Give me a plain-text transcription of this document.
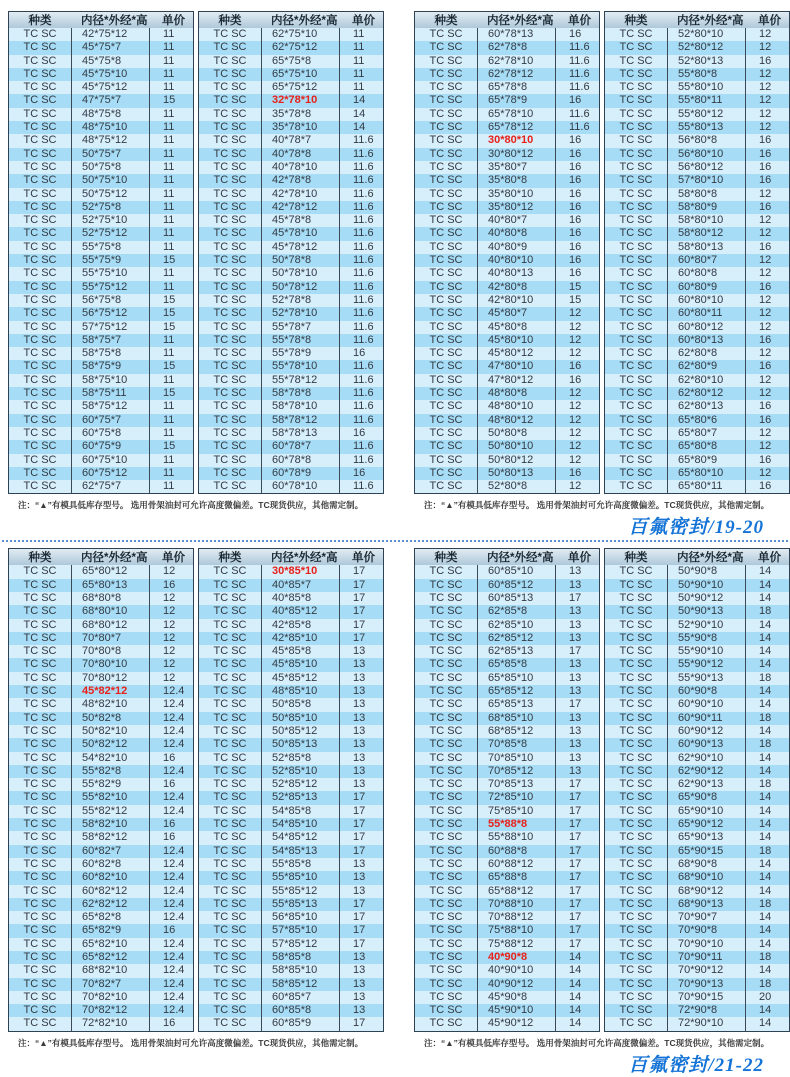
种类	内径*外经*高	单价
TC SC	42*75*12	11
TC SC	45*75*7	11
TC SC	45*75*8	11
TC SC	45*75*10	11
TC SC	45*75*12	11
TC SC	47*75*7	15
TC SC	48*75*8	11
TC SC	48*75*10	11
TC SC	48*75*12	11
TC SC	50*75*7	11
TC SC	50*75*8	11
TC SC	50*75*10	11
TC SC	50*75*12	11
TC SC	52*75*8	11
TC SC	52*75*10	11
TC SC	52*75*12	11
TC SC	55*75*8	11
TC SC	55*75*9	15
TC SC	55*75*10	11
TC SC	55*75*12	11
TC SC	56*75*8	15
TC SC	56*75*12	15
TC SC	57*75*12	15
TC SC	58*75*7	11
TC SC	58*75*8	11
TC SC	58*75*9	15
TC SC	58*75*10	11
TC SC	58*75*11	15
TC SC	58*75*12	11
TC SC	60*75*7	11
TC SC	60*75*8	11
TC SC	60*75*9	15
TC SC	60*75*10	11
TC SC	60*75*12	11
TC SC	62*75*7	11
种类	内径*外经*高	单价
TC SC	62*75*10	11
TC SC	62*75*12	11
TC SC	65*75*8	11
TC SC	65*75*10	11
TC SC	65*75*12	11
TC SC	32*78*10	14
TC SC	35*78*8	14
TC SC	35*78*10	14
TC SC	40*78*7	11.6
TC SC	40*78*8	11.6
TC SC	40*78*10	11.6
TC SC	42*78*8	11.6
TC SC	42*78*10	11.6
TC SC	42*78*12	11.6
TC SC	45*78*8	11.6
TC SC	45*78*10	11.6
TC SC	45*78*12	11.6
TC SC	50*78*8	11.6
TC SC	50*78*10	11.6
TC SC	50*78*12	11.6
TC SC	52*78*8	11.6
TC SC	52*78*10	11.6
TC SC	55*78*7	11.6
TC SC	55*78*8	11.6
TC SC	55*78*9	16
TC SC	55*78*10	11.6
TC SC	55*78*12	11.6
TC SC	58*78*8	11.6
TC SC	58*78*10	11.6
TC SC	58*78*12	11.6
TC SC	58*78*13	16
TC SC	60*78*7	11.6
TC SC	60*78*8	11.6
TC SC	60*78*9	16
TC SC	60*78*10	11.6
注：“▲”有模具低库存型号。 选用骨架油封可允许高度微偏差。TC现货供应，其他需定制。
种类	内径*外经*高	单价
TC SC	60*78*13	16
TC SC	62*78*8	11.6
TC SC	62*78*10	11.6
TC SC	62*78*12	11.6
TC SC	65*78*8	11.6
TC SC	65*78*9	16
TC SC	65*78*10	11.6
TC SC	65*78*12	11.6
TC SC	30*80*10	16
TC SC	30*80*12	16
TC SC	35*80*7	16
TC SC	35*80*8	16
TC SC	35*80*10	16
TC SC	35*80*12	16
TC SC	40*80*7	16
TC SC	40*80*8	16
TC SC	40*80*9	16
TC SC	40*80*10	16
TC SC	40*80*13	16
TC SC	42*80*8	15
TC SC	42*80*10	15
TC SC	45*80*7	12
TC SC	45*80*8	12
TC SC	45*80*10	12
TC SC	45*80*12	12
TC SC	47*80*10	16
TC SC	47*80*12	16
TC SC	48*80*8	12
TC SC	48*80*10	12
TC SC	48*80*12	12
TC SC	50*80*8	12
TC SC	50*80*10	12
TC SC	50*80*12	12
TC SC	50*80*13	16
TC SC	52*80*8	12
种类	内径*外经*高	单价
TC SC	52*80*10	12
TC SC	52*80*12	12
TC SC	52*80*13	16
TC SC	55*80*8	12
TC SC	55*80*10	12
TC SC	55*80*11	12
TC SC	55*80*12	12
TC SC	55*80*13	12
TC SC	56*80*8	16
TC SC	56*80*10	16
TC SC	56*80*12	16
TC SC	57*80*10	16
TC SC	58*80*8	12
TC SC	58*80*9	16
TC SC	58*80*10	12
TC SC	58*80*12	12
TC SC	58*80*13	16
TC SC	60*80*7	12
TC SC	60*80*8	12
TC SC	60*80*9	16
TC SC	60*80*10	12
TC SC	60*80*11	12
TC SC	60*80*12	12
TC SC	60*80*13	16
TC SC	62*80*8	12
TC SC	62*80*9	16
TC SC	62*80*10	12
TC SC	62*80*12	12
TC SC	62*80*13	16
TC SC	65*80*6	16
TC SC	65*80*7	12
TC SC	65*80*8	12
TC SC	65*80*9	16
TC SC	65*80*10	12
TC SC	65*80*11	16
注：“▲”有模具低库存型号。 选用骨架油封可允许高度微偏差。TC现货供应，其他需定制。
百氟密封/19-20
种类	内径*外经*高	单价
TC SC	65*80*12	12
TC SC	65*80*13	16
TC SC	68*80*8	12
TC SC	68*80*10	12
TC SC	68*80*12	12
TC SC	70*80*7	12
TC SC	70*80*8	12
TC SC	70*80*10	12
TC SC	70*80*12	12
TC SC	45*82*12	12.4
TC SC	48*82*10	12.4
TC SC	50*82*8	12.4
TC SC	50*82*10	12.4
TC SC	50*82*12	12.4
TC SC	54*82*10	16
TC SC	55*82*8	12.4
TC SC	55*82*9	16
TC SC	55*82*10	12.4
TC SC	55*82*12	12.4
TC SC	58*82*10	16
TC SC	58*82*12	16
TC SC	60*82*7	12.4
TC SC	60*82*8	12.4
TC SC	60*82*10	12.4
TC SC	60*82*12	12.4
TC SC	62*82*12	12.4
TC SC	65*82*8	12.4
TC SC	65*82*9	16
TC SC	65*82*10	12.4
TC SC	65*82*12	12.4
TC SC	68*82*10	12.4
TC SC	70*82*7	12.4
TC SC	70*82*10	12.4
TC SC	70*82*12	12.4
TC SC	72*82*10	16
种类	内径*外经*高	单价
TC SC	30*85*10	17
TC SC	40*85*7	17
TC SC	40*85*8	17
TC SC	40*85*12	17
TC SC	42*85*8	17
TC SC	42*85*10	17
TC SC	45*85*8	13
TC SC	45*85*10	13
TC SC	45*85*12	13
TC SC	48*85*10	13
TC SC	50*85*8	13
TC SC	50*85*10	13
TC SC	50*85*12	13
TC SC	50*85*13	13
TC SC	52*85*8	13
TC SC	52*85*10	13
TC SC	52*85*12	13
TC SC	52*85*13	17
TC SC	54*85*8	17
TC SC	54*85*10	17
TC SC	54*85*12	17
TC SC	54*85*13	17
TC SC	55*85*8	13
TC SC	55*85*10	13
TC SC	55*85*12	13
TC SC	55*85*13	17
TC SC	56*85*10	17
TC SC	57*85*10	17
TC SC	57*85*12	17
TC SC	58*85*8	13
TC SC	58*85*10	13
TC SC	58*85*12	13
TC SC	60*85*7	13
TC SC	60*85*8	13
TC SC	60*85*9	17
注：“▲”有模具低库存型号。 选用骨架油封可允许高度微偏差。TC现货供应，其他需定制。
种类	内径*外经*高	单价
TC SC	60*85*10	13
TC SC	60*85*12	13
TC SC	60*85*13	17
TC SC	62*85*8	13
TC SC	62*85*10	13
TC SC	62*85*12	13
TC SC	62*85*13	17
TC SC	65*85*8	13
TC SC	65*85*10	13
TC SC	65*85*12	13
TC SC	65*85*13	17
TC SC	68*85*10	13
TC SC	68*85*12	13
TC SC	70*85*8	13
TC SC	70*85*10	13
TC SC	70*85*12	13
TC SC	70*85*13	17
TC SC	72*85*10	17
TC SC	75*85*10	17
TC SC	55*88*8	17
TC SC	55*88*10	17
TC SC	60*88*8	17
TC SC	60*88*12	17
TC SC	65*88*8	17
TC SC	65*88*12	17
TC SC	70*88*10	17
TC SC	70*88*12	17
TC SC	75*88*10	17
TC SC	75*88*12	17
TC SC	40*90*8	14
TC SC	40*90*10	14
TC SC	40*90*12	14
TC SC	45*90*8	14
TC SC	45*90*10	14
TC SC	45*90*12	14
种类	内径*外经*高	单价
TC SC	50*90*8	14
TC SC	50*90*10	14
TC SC	50*90*12	14
TC SC	50*90*13	18
TC SC	52*90*10	14
TC SC	55*90*8	14
TC SC	55*90*10	14
TC SC	55*90*12	14
TC SC	55*90*13	18
TC SC	60*90*8	14
TC SC	60*90*10	14
TC SC	60*90*11	18
TC SC	60*90*12	14
TC SC	60*90*13	18
TC SC	62*90*10	14
TC SC	62*90*12	14
TC SC	62*90*13	18
TC SC	65*90*8	14
TC SC	65*90*10	14
TC SC	65*90*12	14
TC SC	65*90*13	14
TC SC	65*90*15	18
TC SC	68*90*8	14
TC SC	68*90*10	14
TC SC	68*90*12	14
TC SC	68*90*13	18
TC SC	70*90*7	14
TC SC	70*90*8	14
TC SC	70*90*10	14
TC SC	70*90*11	18
TC SC	70*90*12	14
TC SC	70*90*13	18
TC SC	70*90*15	20
TC SC	72*90*8	14
TC SC	72*90*10	14
注：“▲”有模具低库存型号。 选用骨架油封可允许高度微偏差。TC现货供应，其他需定制。
百氟密封/21-22
